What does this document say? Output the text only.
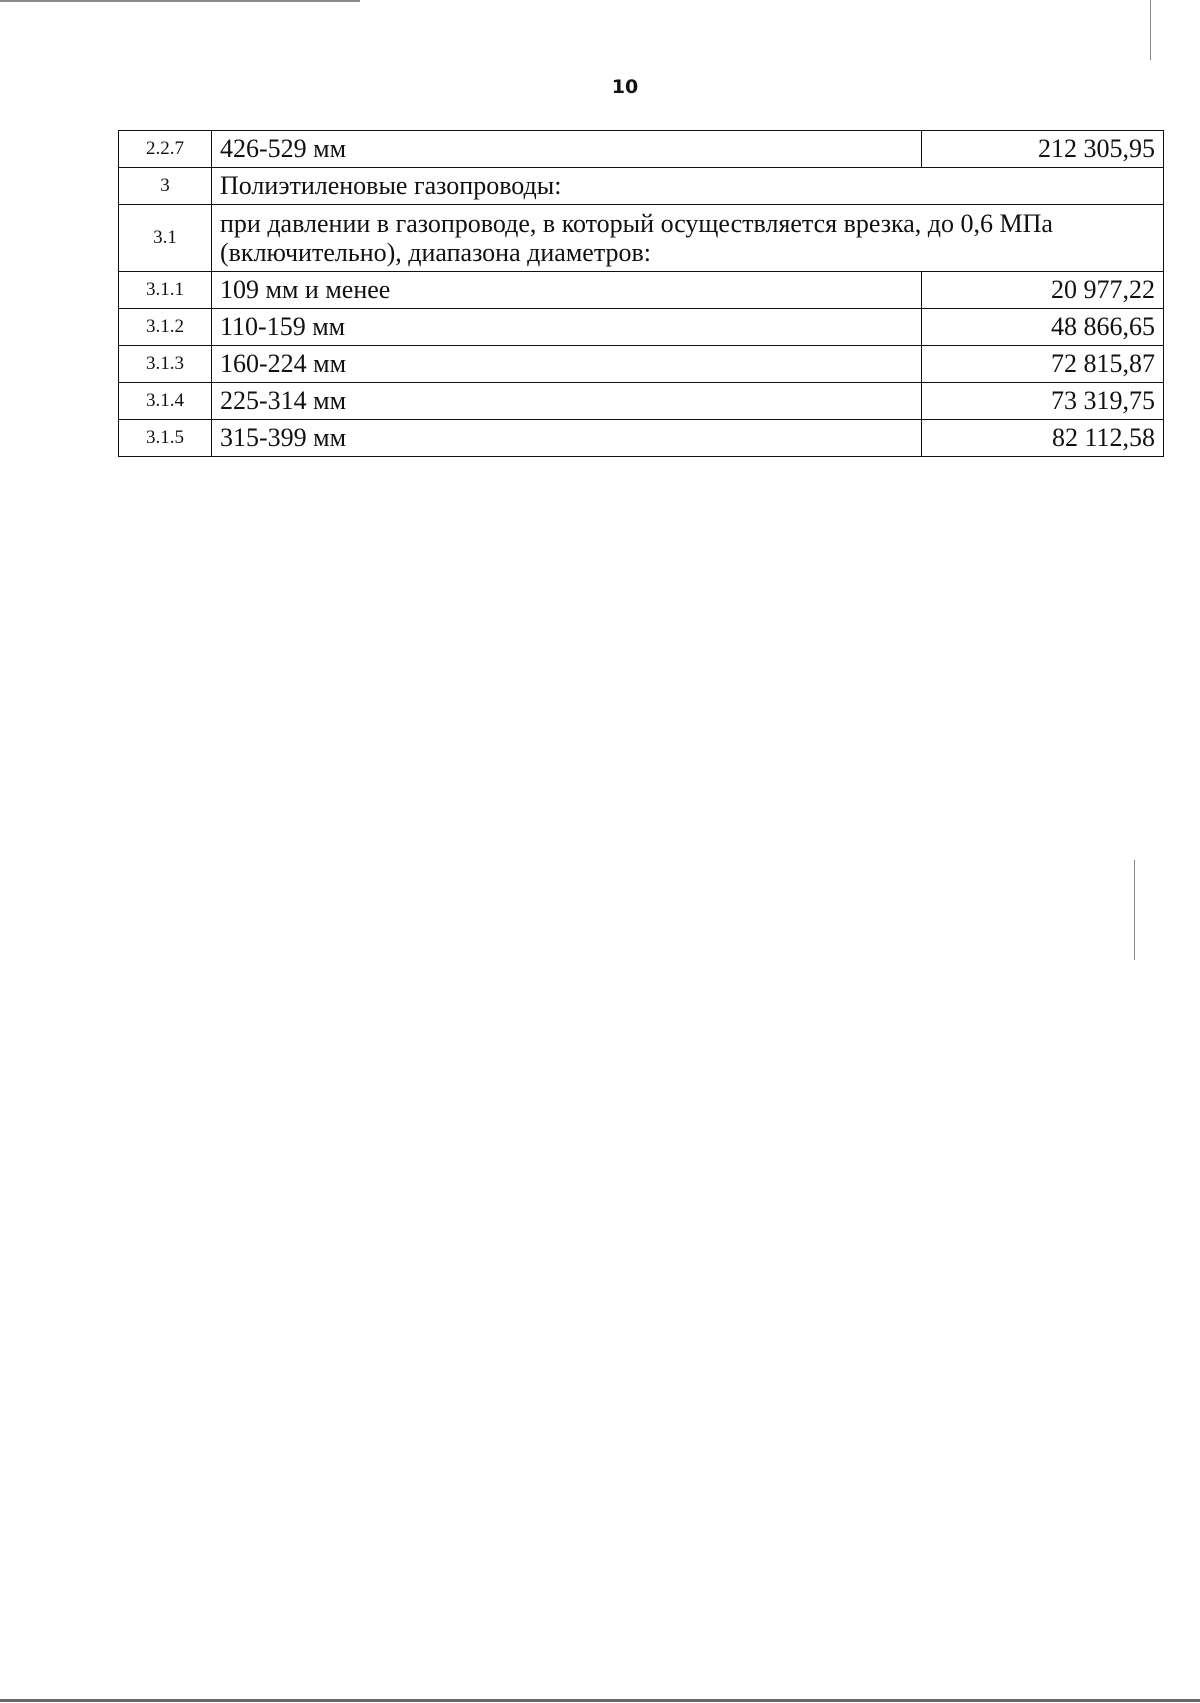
10
2.2.7	426-529 мм	212 305,95
3	Полиэтиленовые газопроводы:	
3.1	при давлении в газопроводе, в который осуществляется врезка, до 0,6 МПа (включительно), диапазона диаметров:	
3.1.1	109 мм и менее	20 977,22
3.1.2	110-159 мм	48 866,65
3.1.3	160-224 мм	72 815,87
3.1.4	225-314 мм	73 319,75
3.1.5	315-399 мм	82 112,58
